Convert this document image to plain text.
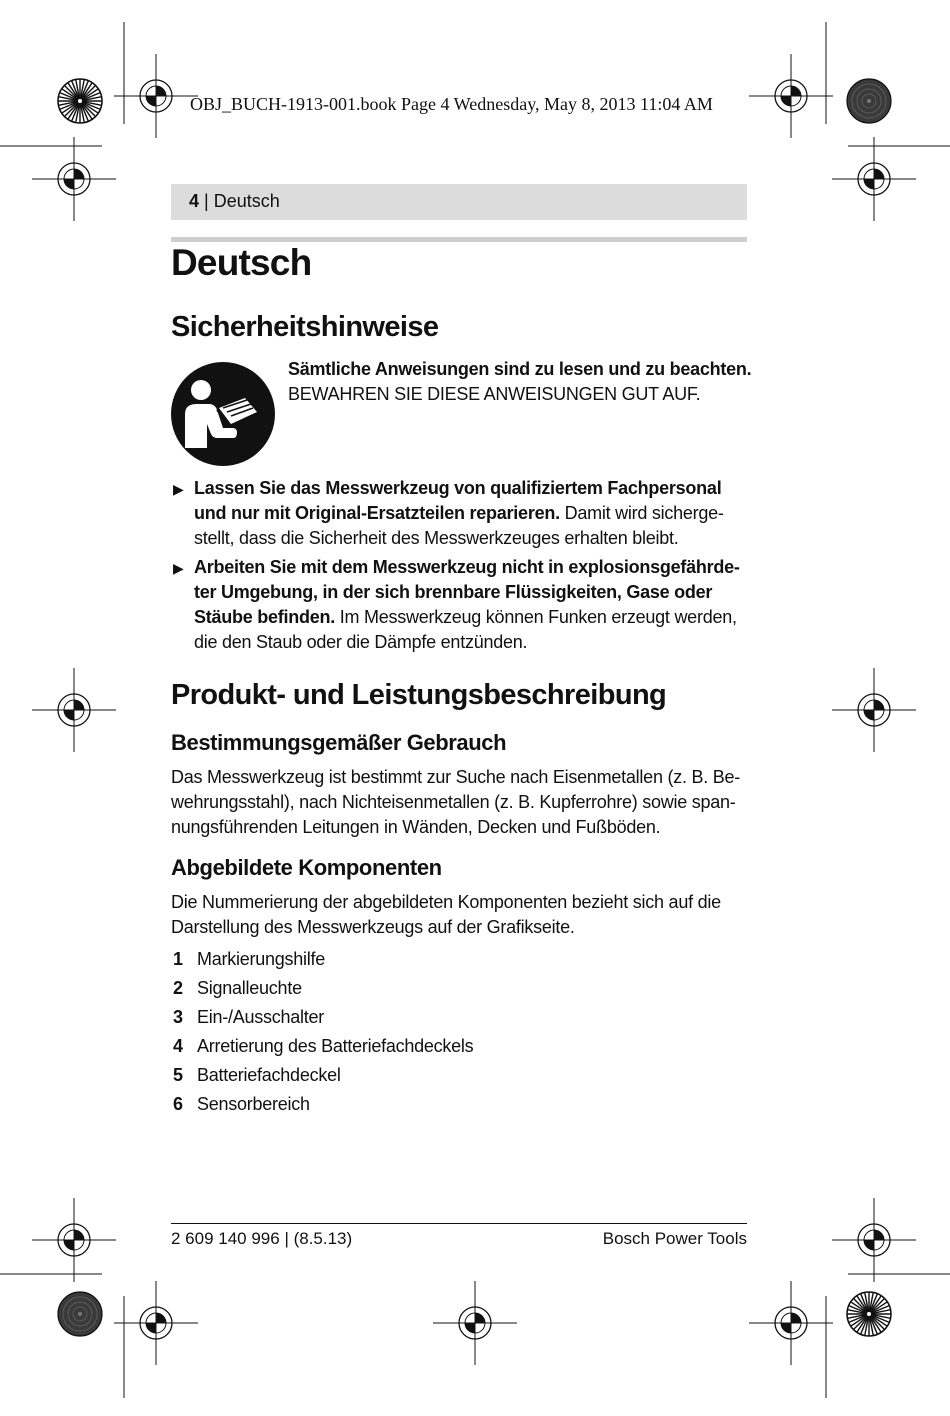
OBJ_BUCH-1913-001.book Page 4 Wednesday, May 8, 2013 11:04 AM
4 | Deutsch
Deutsch
Sicherheitshinweise
Sämtliche Anweisungen sind zu lesen und zu beachten.
BEWAHREN SIE DIESE ANWEISUNGEN GUT AUF.
▶ Lassen Sie das Messwerkzeug von qualifiziertem Fachpersonal
und nur mit Original-Ersatzteilen reparieren. Damit wird sicherge-
stellt, dass die Sicherheit des Messwerkzeuges erhalten bleibt.
▶ Arbeiten Sie mit dem Messwerkzeug nicht in explosionsgefährde-
ter Umgebung, in der sich brennbare Flüssigkeiten, Gase oder
Stäube befinden. Im Messwerkzeug können Funken erzeugt werden,
die den Staub oder die Dämpfe entzünden.
Produkt- und Leistungsbeschreibung
Bestimmungsgemäßer Gebrauch
Das Messwerkzeug ist bestimmt zur Suche nach Eisenmetallen (z. B. Be-
wehrungsstahl), nach Nichteisenmetallen (z. B. Kupferrohre) sowie span-
nungsführenden Leitungen in Wänden, Decken und Fußböden.
Abgebildete Komponenten
Die Nummerierung der abgebildeten Komponenten bezieht sich auf die
Darstellung des Messwerkzeugs auf der Grafikseite.
1 Markierungshilfe
2 Signalleuchte
3 Ein-/Ausschalter
4 Arretierung des Batteriefachdeckels
5 Batteriefachdeckel
6 Sensorbereich
2 609 140 996 | (8.5.13)	Bosch Power Tools
